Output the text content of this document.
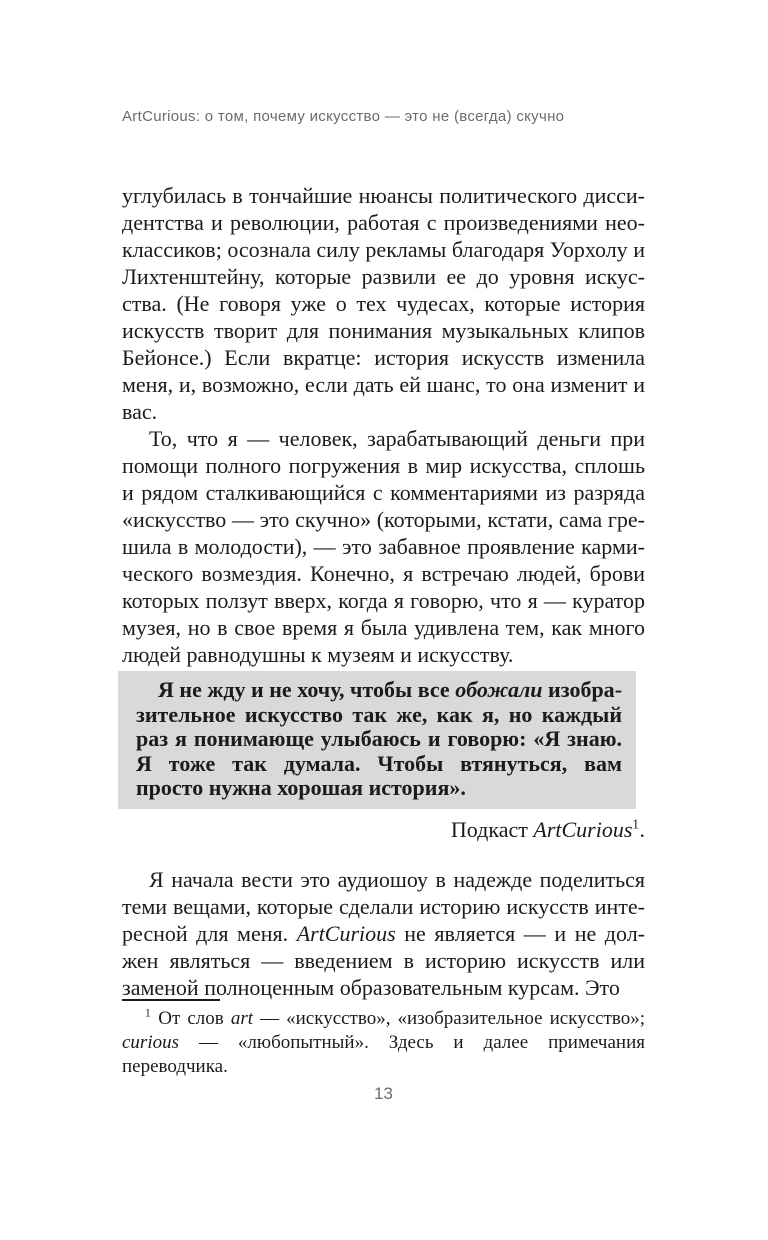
ArtCurious: о том, почему искусство — это не (всегда) скучно

углубилась в тончайшие нюансы политического диссидентства и революции, работая с произведениями неоклассиков; осознала силу рекламы благодаря Уорхолу и Лихтенштейну, которые развили ее до уровня искусства. (Не говоря уже о тех чудесах, которые история искусств творит для понимания музыкальных клипов Бейонсе.) Если вкратце: история искусств изменила меня, и, возможно, если дать ей шанс, то она изменит и вас.

То, что я — человек, зарабатывающий деньги при помощи полного погружения в мир искусства, сплошь и рядом сталкивающийся с комментариями из разряда «искусство — это скучно» (которыми, кстати, сама грешила в молодости), — это забавное проявление кармического возмездия. Конечно, я встречаю людей, брови которых ползут вверх, когда я говорю, что я — куратор музея, но в свое время я была удивлена тем, как много людей равнодушны к музеям и искусству.

Я не жду и не хочу, чтобы все обожали изобразительное искусство так же, как я, но каждый раз я понимающе улыбаюсь и говорю: «Я знаю. Я тоже так думала. Чтобы втянуться, вам просто нужна хорошая история».

Подкаст ArtCurious$^1$.

Я начала вести это аудиошоу в надежде поделиться теми вещами, которые сделали историю искусств интересной для меня. ArtCurious не является — и не должен являться — введением в историю искусств или заменой полноценным образовательным курсам. Это

$^1$ От слов art — «искусство», «изобразительное искусство»; curious — «любопытный». Здесь и далее примечания переводчика.

13
